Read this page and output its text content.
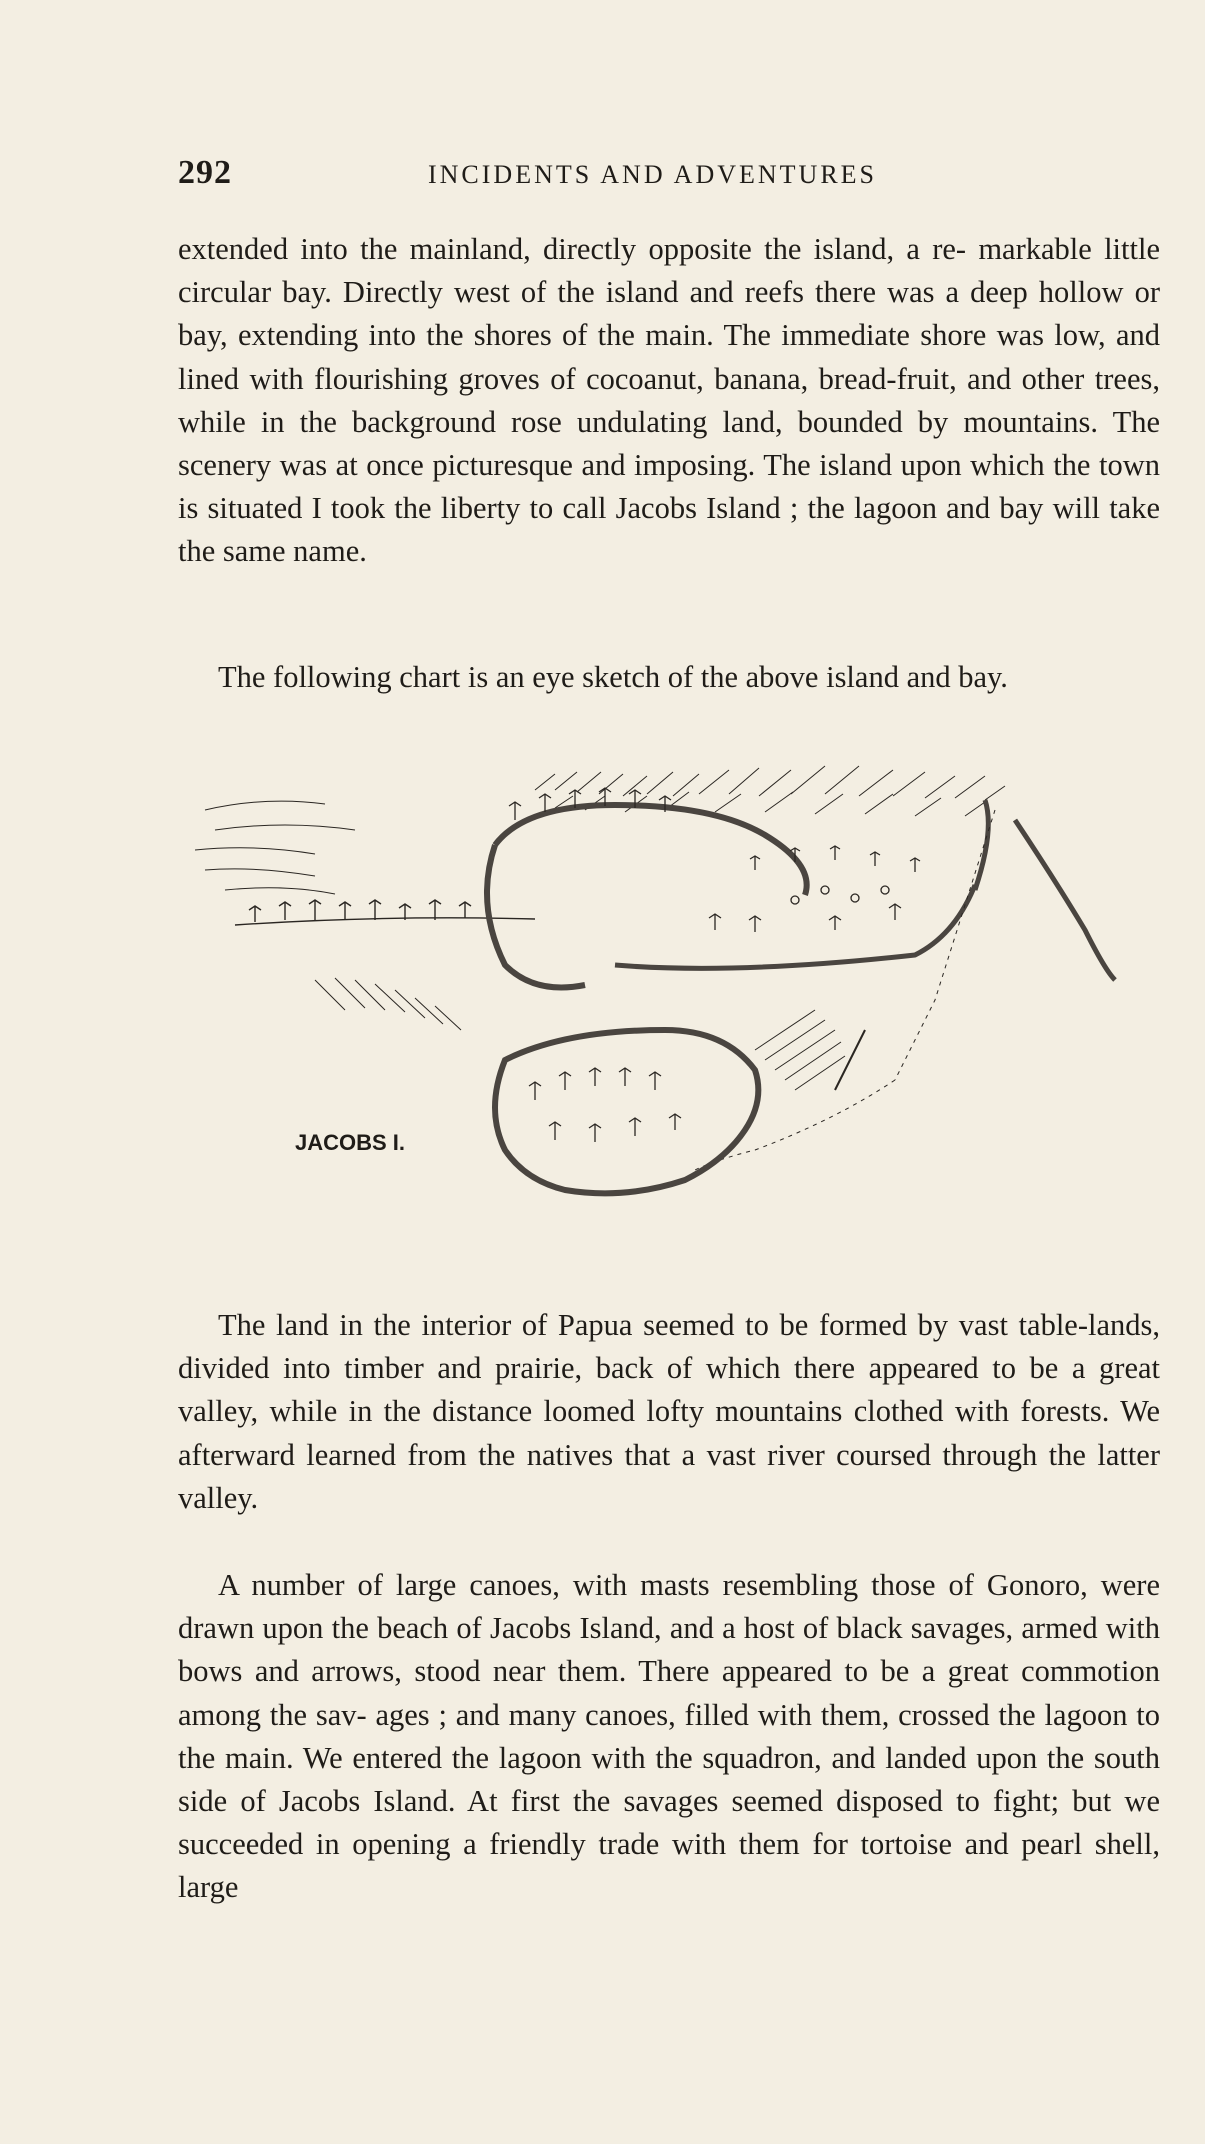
292	INCIDENTS AND ADVENTURES

extended into the mainland, directly opposite the island, a re- markable little circular bay. Directly west of the island and reefs there was a deep hollow or bay, extending into the shores of the main. The immediate shore was low, and lined with flourishing groves of cocoanut, banana, bread-fruit, and other trees, while in the background rose undulating land, bounded by mountains. The scenery was at once picturesque and imposing. The island upon which the town is situated I took the liberty to call Jacobs Island ; the lagoon and bay will take the same name.

The following chart is an eye sketch of the above island and bay.

JACOBS I.

The land in the interior of Papua seemed to be formed by vast table-lands, divided into timber and prairie, back of which there appeared to be a great valley, while in the distance loomed lofty mountains clothed with forests. We afterward learned from the natives that a vast river coursed through the latter valley.

A number of large canoes, with masts resembling those of Gonoro, were drawn upon the beach of Jacobs Island, and a host of black savages, armed with bows and arrows, stood near them. There appeared to be a great commotion among the sav- ages ; and many canoes, filled with them, crossed the lagoon to the main. We entered the lagoon with the squadron, and landed upon the south side of Jacobs Island. At first the savages seemed disposed to fight; but we succeeded in opening a friendly trade with them for tortoise and pearl shell, large
